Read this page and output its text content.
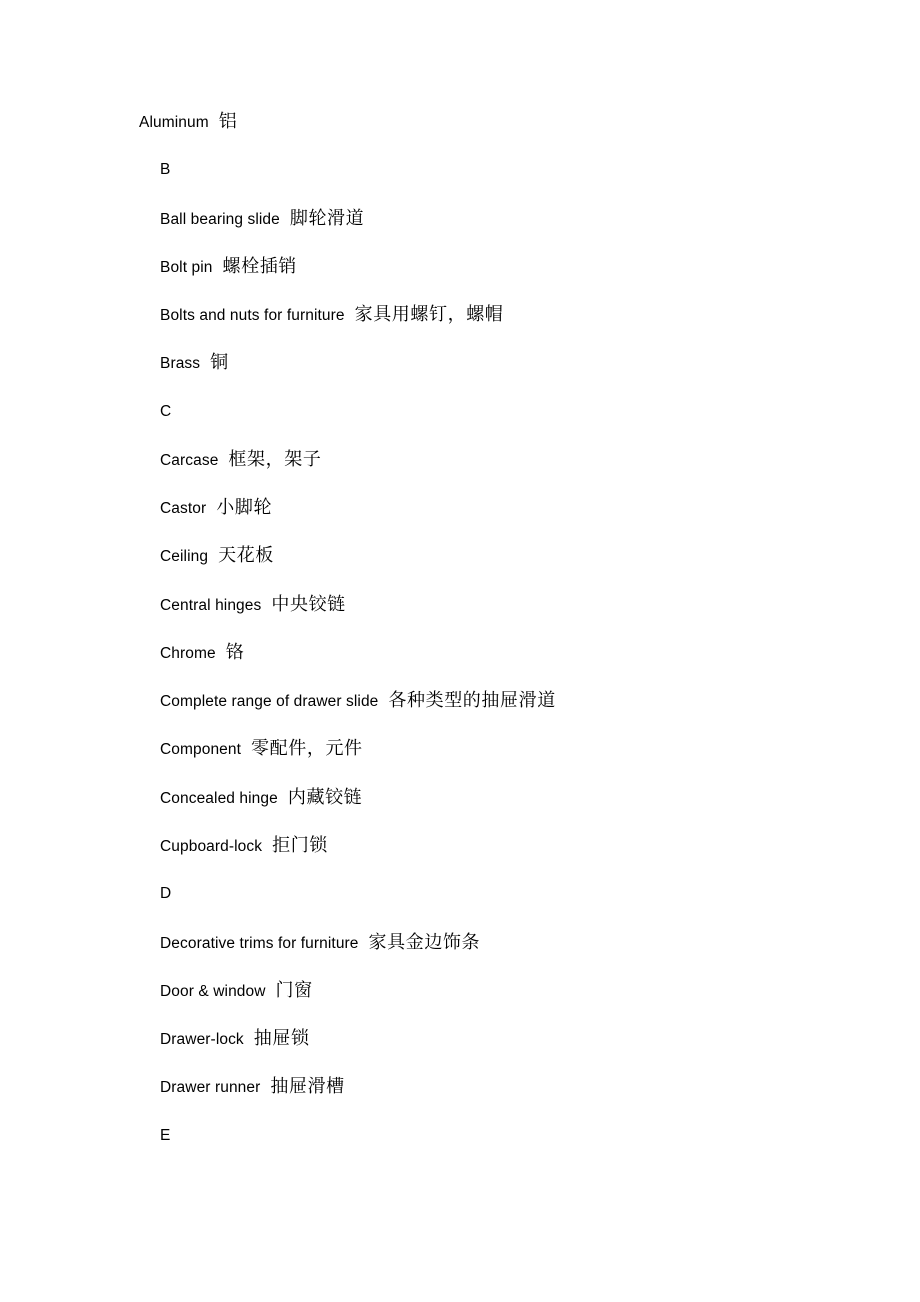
Aluminum 铝
B
Ball bearing slide 脚轮滑道
Bolt pin 螺栓插销
Bolts and nuts for furniture 家具用螺钉，螺帽
Brass 铜
C
Carcase 框架，架子
Castor 小脚轮
Ceiling 天花板
Central hinges 中央铰链
Chrome 铬
Complete range of drawer slide 各种类型的抽屉滑道
Component 零配件，元件
Concealed hinge 内藏铰链
Cupboard-lock 拒门锁
D
Decorative trims for furniture 家具金边饰条
Door & window 门窗
Drawer-lock 抽屉锁
Drawer runner 抽屉滑槽
E
